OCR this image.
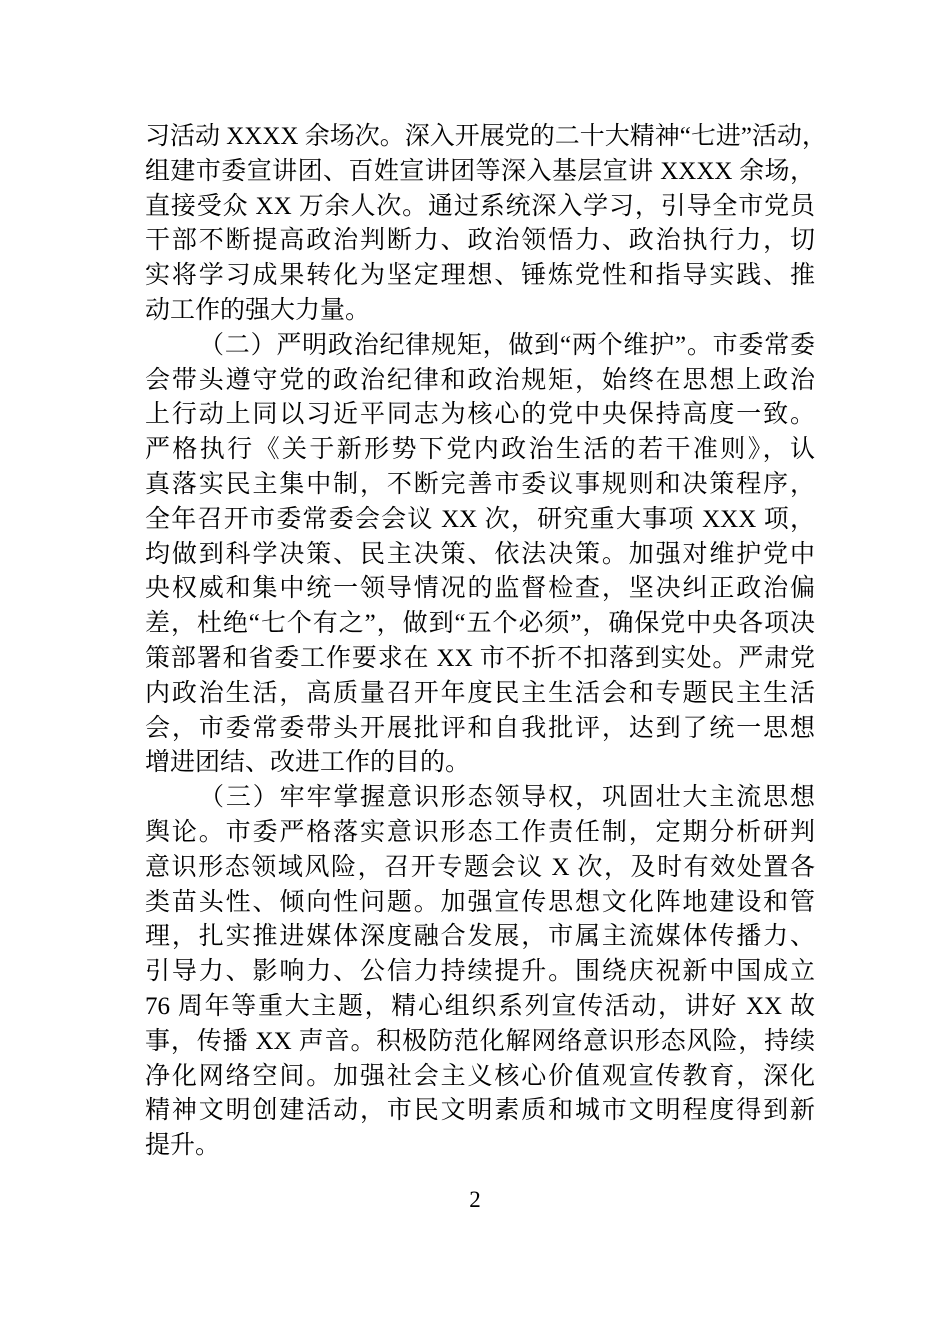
习活动 XXXX 余场次。深入开展党的二十大精神“七进”活动，
组建市委宣讲团、百姓宣讲团等深入基层宣讲 XXXX 余场，
直接受众 XX 万余人次。通过系统深入学习，引导全市党员
干部不断提高政治判断力、政治领悟力、政治执行力，切
实将学习成果转化为坚定理想、锤炼党性和指导实践、推
动工作的强大力量。
（二）严明政治纪律规矩，做到“两个维护”。市委常委
会带头遵守党的政治纪律和政治规矩，始终在思想上政治
上行动上同以习近平同志为核心的党中央保持高度一致。
严格执行《关于新形势下党内政治生活的若干准则》，认
真落实民主集中制，不断完善市委议事规则和决策程序，
全年召开市委常委会会议 XX 次，研究重大事项 XXX 项，
均做到科学决策、民主决策、依法决策。加强对维护党中
央权威和集中统一领导情况的监督检查，坚决纠正政治偏
差，杜绝“七个有之”，做到“五个必须”，确保党中央各项决
策部署和省委工作要求在 XX 市不折不扣落到实处。严肃党
内政治生活，高质量召开年度民主生活会和专题民主生活
会，市委常委带头开展批评和自我批评，达到了统一思想
增进团结、改进工作的目的。
（三）牢牢掌握意识形态领导权，巩固壮大主流思想
舆论。市委严格落实意识形态工作责任制，定期分析研判
意识形态领域风险，召开专题会议 X 次，及时有效处置各
类苗头性、倾向性问题。加强宣传思想文化阵地建设和管
理，扎实推进媒体深度融合发展，市属主流媒体传播力、
引导力、影响力、公信力持续提升。围绕庆祝新中国成立
76 周年等重大主题，精心组织系列宣传活动，讲好 XX 故
事，传播 XX 声音。积极防范化解网络意识形态风险，持续
净化网络空间。加强社会主义核心价值观宣传教育，深化
精神文明创建活动，市民文明素质和城市文明程度得到新
提升。
2
